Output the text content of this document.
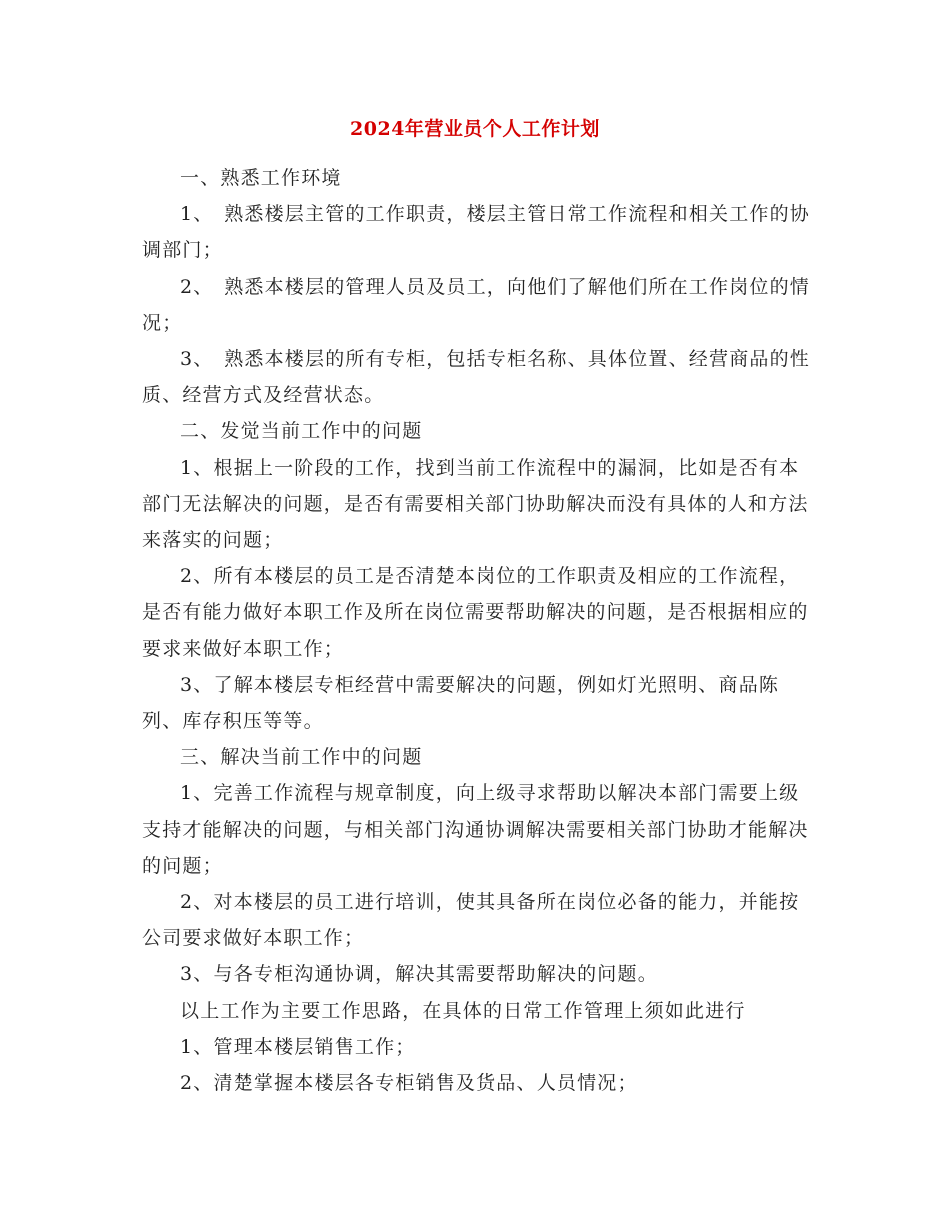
2024年营业员个人工作计划

一、熟悉工作环境

1、　熟悉楼层主管的工作职责，楼层主管日常工作流程和相关工作的协调部门；

2、　熟悉本楼层的管理人员及员工，向他们了解他们所在工作岗位的情况；

3、　熟悉本楼层的所有专柜，包括专柜名称、具体位置、经营商品的性质、经营方式及经营状态。

二、发觉当前工作中的问题

1、根据上一阶段的工作，找到当前工作流程中的漏洞，比如是否有本部门无法解决的问题，是否有需要相关部门协助解决而没有具体的人和方法来落实的问题；

2、所有本楼层的员工是否清楚本岗位的工作职责及相应的工作流程，是否有能力做好本职工作及所在岗位需要帮助解决的问题，是否根据相应的要求来做好本职工作；

3、了解本楼层专柜经营中需要解决的问题，例如灯光照明、商品陈列、库存积压等等。

三、解决当前工作中的问题

1、完善工作流程与规章制度，向上级寻求帮助以解决本部门需要上级支持才能解决的问题，与相关部门沟通协调解决需要相关部门协助才能解决的问题；

2、对本楼层的员工进行培训，使其具备所在岗位必备的能力，并能按公司要求做好本职工作；

3、与各专柜沟通协调，解决其需要帮助解决的问题。

以上工作为主要工作思路，在具体的日常工作管理上须如此进行

1、管理本楼层销售工作；

2、清楚掌握本楼层各专柜销售及货品、人员情况；
